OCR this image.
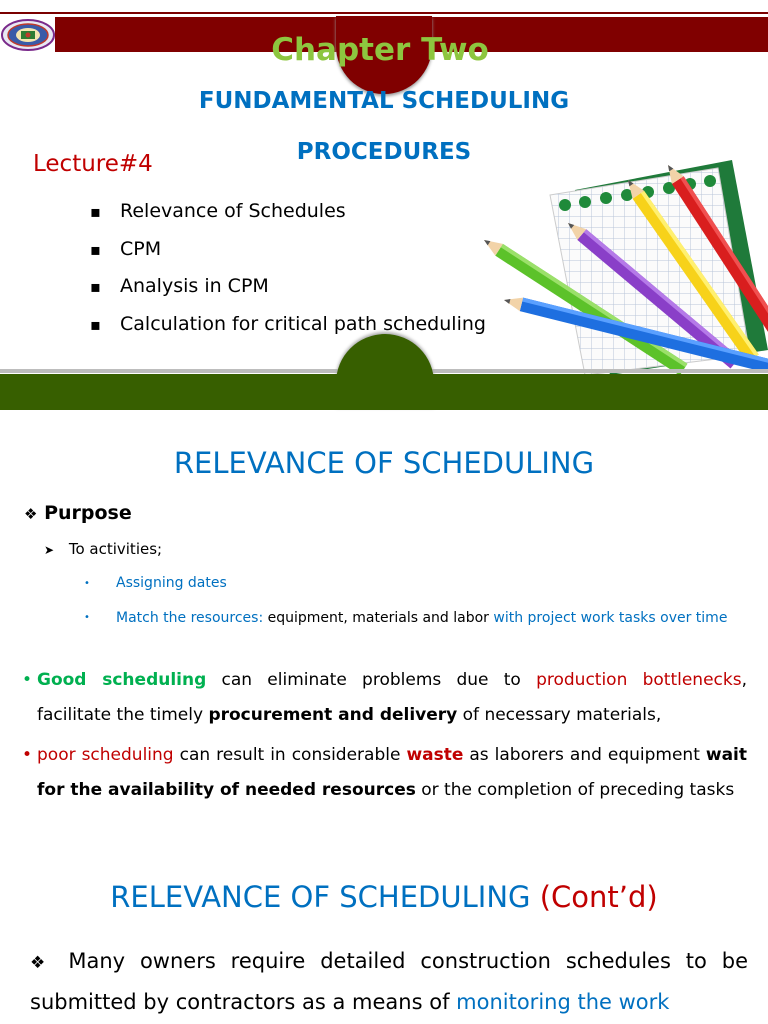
Chapter Two
FUNDAMENTAL SCHEDULING
PROCEDURES
Lecture#4
▪ Relevance of Schedules
▪ CPM
▪ Analysis in CPM
▪ Calculation for critical path scheduling
RELEVANCE OF SCHEDULING
❖ Purpose
➤ To activities;
• Assigning dates
•	Match the resources: equipment, materials and labor with project work tasks over time
• Good scheduling can eliminate problems due to production bottlenecks, facilitate the timely procurement and delivery of necessary materials,
• poor scheduling can result in considerable waste as laborers and equipment wait for the availability of needed resources or the completion of preceding tasks
RELEVANCE OF SCHEDULING (Cont’d)
❖ Many owners require detailed construction schedules to be submitted by contractors as a means of monitoring the work
